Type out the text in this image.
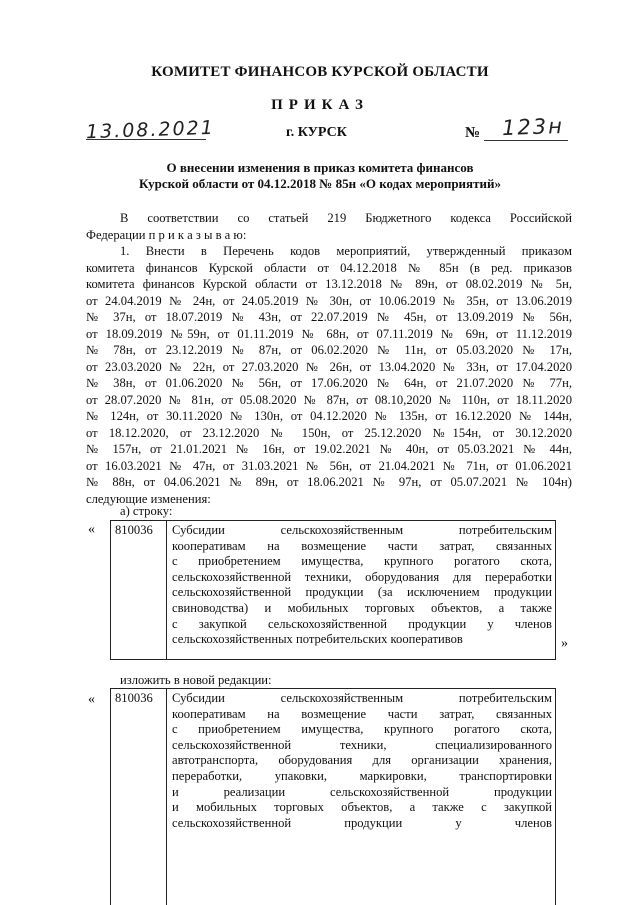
КОМИТЕТ ФИНАНСОВ КУРСКОЙ ОБЛАСТИ
ПРИКАЗ
13.08.2021	г. КУРСК	№ 123н
О внесении изменения в приказ комитета финансов
Курской области от 04.12.2018 № 85н «О кодах мероприятий»
В соответствии со статьей 219 Бюджетного кодекса Российской
Федерации п р и к а з ы в а ю:
1. Внести в Перечень кодов мероприятий, утвержденный приказом
комитета финансов Курской области от 04.12.2018 № 85н (в ред. приказов
комитета финансов Курской области от 13.12.2018 № 89н, от 08.02.2019 № 5н,
от 24.04.2019 № 24н, от 24.05.2019 № 30н, от 10.06.2019 № 35н, от 13.06.2019
№ 37н, от 18.07.2019 № 43н, от 22.07.2019 № 45н, от 13.09.2019 № 56н,
от 18.09.2019 №59н, от 01.11.2019 № 68н, от 07.11.2019 № 69н, от 11.12.2019
№ 78н, от 23.12.2019 № 87н, от 06.02.2020 № 11н, от 05.03.2020 № 17н,
от 23.03.2020 № 22н, от 27.03.2020 № 26н, от 13.04.2020 № 33н, от 17.04.2020
№ 38н, от 01.06.2020 № 56н, от 17.06.2020 № 64н, от 21.07.2020 № 77н,
от 28.07.2020 № 81н, от 05.08.2020 № 87н, от 08.10,2020 № 110н, от 18.11.2020
№ 124н, от 30.11.2020 № 130н, от 04.12.2020 № 135н, от 16.12.2020 № 144н,
от 18.12.2020, от 23.12.2020 № 150н, от 25.12.2020 №154н, от 30.12.2020
№ 157н, от 21.01.2021 № 16н, от 19.02.2021 № 40н, от 05.03.2021 № 44н,
от 16.03.2021 № 47н, от 31.03.2021 № 56н, от 21.04.2021 № 71н, от 01.06.2021
№ 88н, от 04.06.2021 № 89н, от 18.06.2021 № 97н, от 05.07.2021 № 104н)
следующие изменения:
а) строку:
«	810036	Субсидии сельскохозяйственным потребительским
кооперативам на возмещение части затрат, связанных
с приобретением имущества, крупного рогатого скота,
сельскохозяйственной техники, оборудования для переработки
сельскохозяйственной продукции (за исключением продукции
свиноводства) и мобильных торговых объектов, а также
с закупкой сельскохозяйственной продукции у членов
сельскохозяйственных потребительских кооперативов	»
изложить в новой редакции:
«	810036	Субсидии сельскохозяйственным потребительским
кооперативам на возмещение части затрат, связанных
с приобретением имущества, крупного рогатого скота,
сельскохозяйственной техники, специализированного
автотранспорта, оборудования для организации хранения,
переработки, упаковки, маркировки, транспортировки
и реализации сельскохозяйственной продукции
и мобильных торговых объектов, а также с закупкой
сельскохозяйственной продукции у членов
